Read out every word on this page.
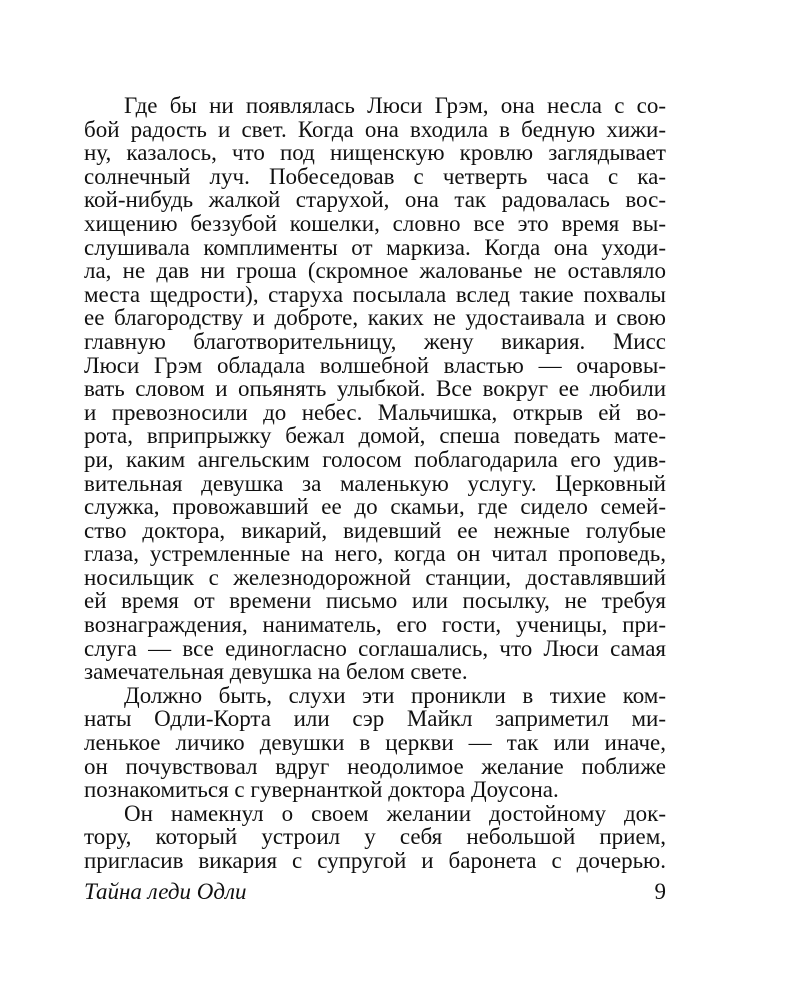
Где бы ни появлялась Люси Грэм, она несла с со-
бой радость и свет. Когда она входила в бедную хижи-
ну, казалось, что под нищенскую кровлю заглядывает
солнечный луч. Побеседовав с четверть часа с ка-
кой-нибудь жалкой старухой, она так радовалась вос-
хищению беззубой кошелки, словно все это время вы-
слушивала комплименты от маркиза. Когда она уходи-
ла, не дав ни гроша (скромное жалованье не оставляло
места щедрости), старуха посылала вслед такие похвалы
ее благородству и доброте, каких не удостаивала и свою
главную благотворительницу, жену викария. Мисс
Люси Грэм обладала волшебной властью — очаровы-
вать словом и опьянять улыбкой. Все вокруг ее любили
и превозносили до небес. Мальчишка, открыв ей во-
рота, вприпрыжку бежал домой, спеша поведать мате-
ри, каким ангельским голосом поблагодарила его удив-
вительная девушка за маленькую услугу. Церковный
служка, провожавший ее до скамьи, где сидело семей-
ство доктора, викарий, видевший ее нежные голубые
глаза, устремленные на него, когда он читал проповедь,
носильщик с железнодорожной станции, доставлявший
ей время от времени письмо или посылку, не требуя
вознаграждения, наниматель, его гости, ученицы, при-
слуга — все единогласно соглашались, что Люси самая
замечательная девушка на белом свете.
Должно быть, слухи эти проникли в тихие ком-
наты Одли-Корта или сэр Майкл заприметил ми-
ленькое личико девушки в церкви — так или иначе,
он почувствовал вдруг неодолимое желание поближе
познакомиться с гувернанткой доктора Доусона.
Он намекнул о своем желании достойному док-
тору, который устроил у себя небольшой прием,
пригласив викария с супругой и баронета с дочерью.
Тайна леди Одли	9
